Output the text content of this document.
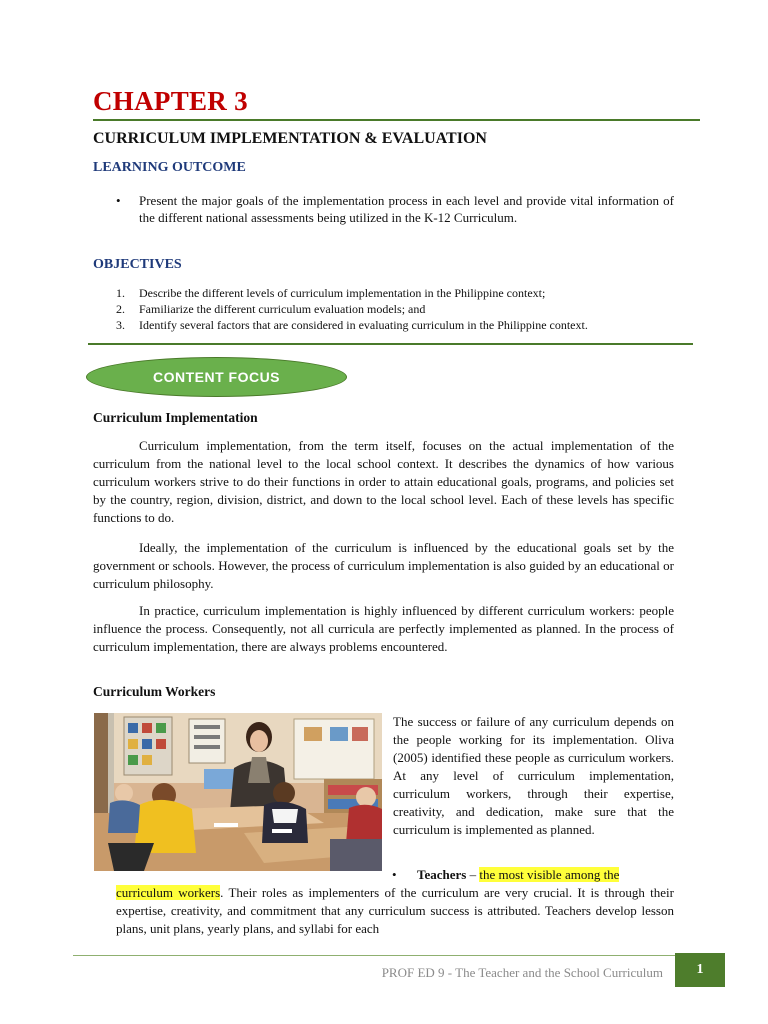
CHAPTER 3
CURRICULUM IMPLEMENTATION & EVALUATION
LEARNING OUTCOME
• Present the major goals of the implementation process in each level and provide vital information of the different national assessments being utilized in the K-12 Curriculum.
OBJECTIVES
1. Describe the different levels of curriculum implementation in the Philippine context;
2. Familiarize the different curriculum evaluation models; and
3. Identify several factors that are considered in evaluating curriculum in the Philippine context.
CONTENT FOCUS
Curriculum Implementation

Curriculum implementation, from the term itself, focuses on the actual implementation of the curriculum from the national level to the local school context. It describes the dynamics of how various curriculum workers strive to do their functions in order to attain educational goals, programs, and policies set by the country, region, division, district, and down to the local school level. Each of these levels has specific functions to do.

Ideally, the implementation of the curriculum is influenced by the educational goals set by the government or schools. However, the process of curriculum implementation is also guided by an educational or curriculum philosophy.

In practice, curriculum implementation is highly influenced by different curriculum workers: people influence the process. Consequently, not all curricula are perfectly implemented as planned. In the process of curriculum implementation, there are always problems encountered.

Curriculum Workers

The success or failure of any curriculum depends on the people working for its implementation. Oliva (2005) identified these people as curriculum workers. At any level of curriculum implementation, curriculum workers, through their expertise, creativity, and dedication, make sure that the curriculum is implemented as planned.

•	Teachers – the most visible among the
curriculum workers. Their roles as implementers of the curriculum are very crucial. It is through their expertise, creativity, and commitment that any curriculum success is attributed. Teachers develop lesson plans, unit plans, yearly plans, and syllabi for each

PROF ED 9 - The Teacher and the School Curriculum	1
